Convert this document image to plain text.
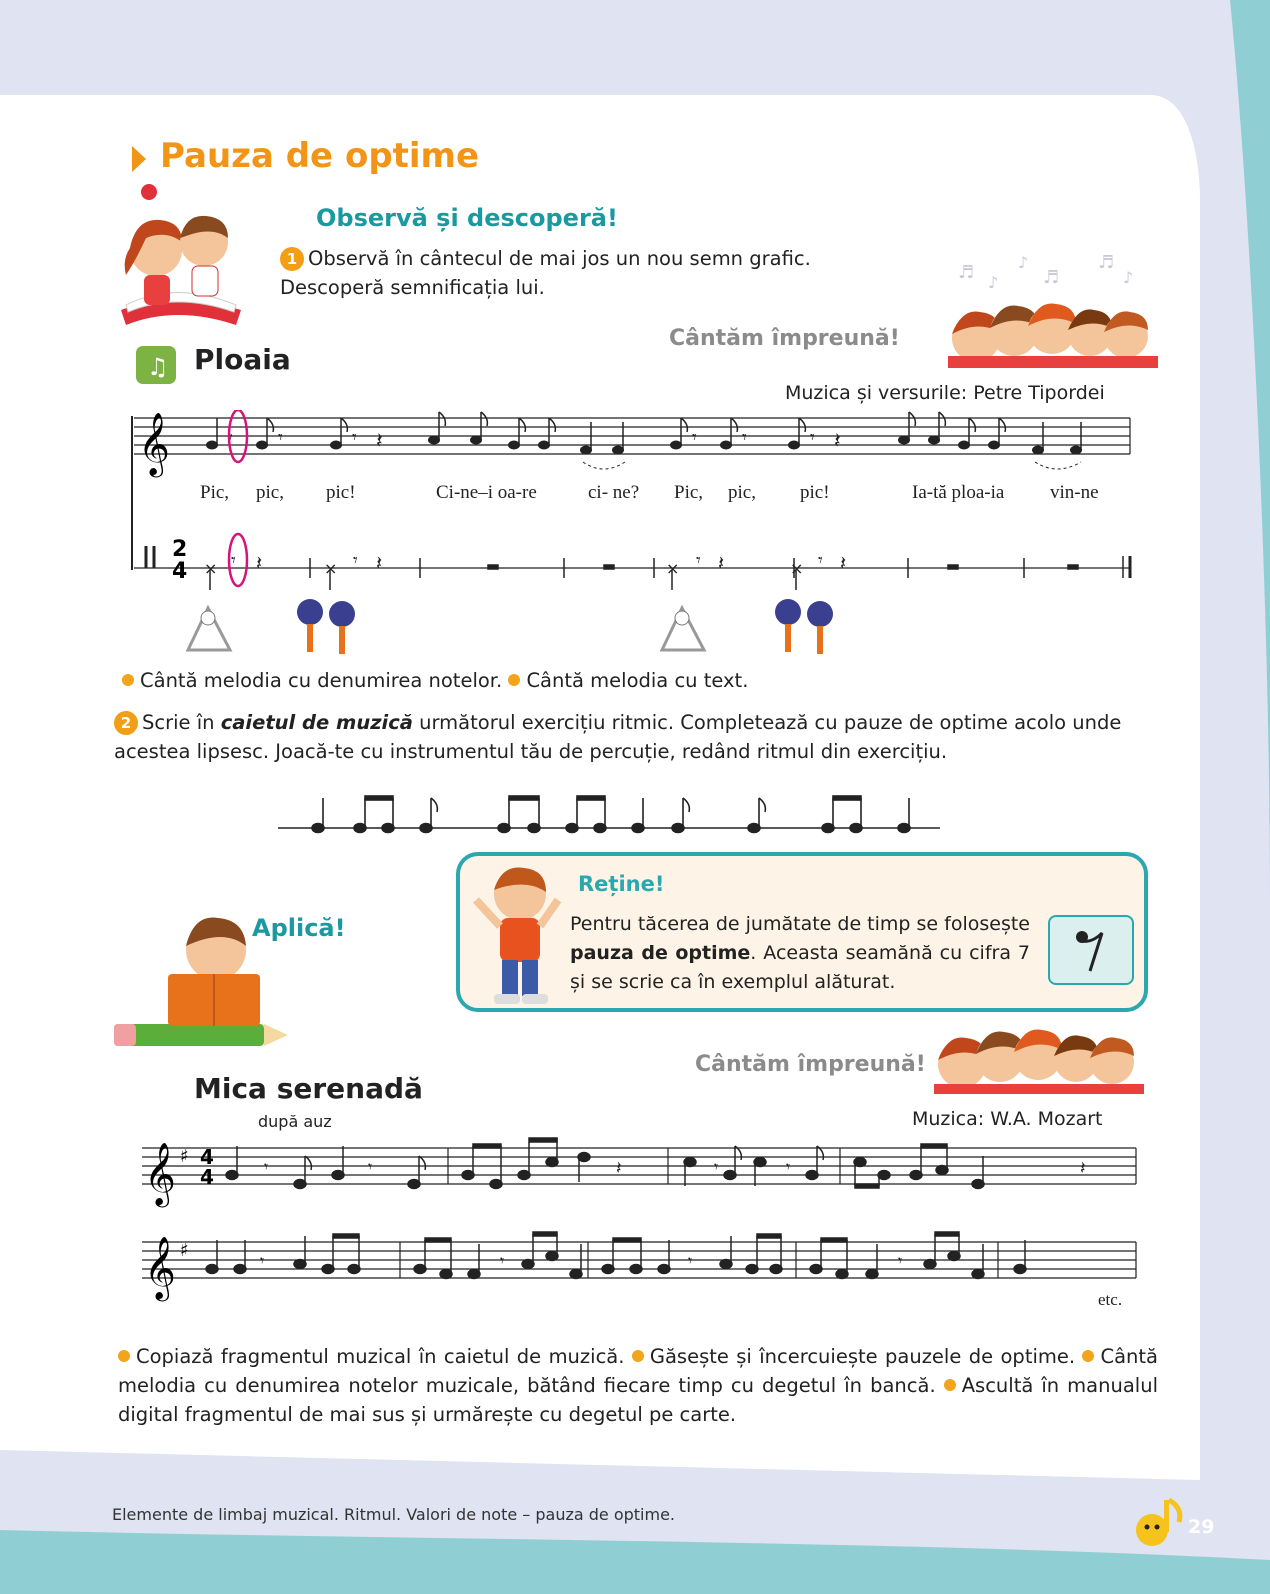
Pauza de optime
Observă și descoperă!
1 Observă în cântecul de mai jos un nou semn grafic.
Descoperă semnificația lui.
♬ ♪
♪
♬
♬
♪
♫ Ploaia
Cântăm împreună!
Muzica și versurile: Petre Tipordei
𝄞	𝄾	𝄾	𝄾 𝄽	𝄾	𝄾	𝄾 𝄽
2
4 × 𝄾 𝄽	× 𝄾 𝄽	× 𝄾 𝄽	× 𝄾 𝄽
Pic, pic, pic!	Ci-ne–i oa-re	ci- ne? Pic, pic, pic!	Ia-tă ploa-ia vin-ne
Cântă melodia cu denumirea notelor. Cântă melodia cu text.
2 Scrie în caietul de muzică următorul exercițiu ritmic. Completează cu pauze de optime acolo unde acestea lipsesc. Joacă-te cu instrumentul tău de percuție, redând ritmul din exercițiu.
Reține!
Pentru tăcerea de jumătate de timp se folosește pauza de optime. Aceasta seamănă cu cifra 7 și se scrie ca în exemplul alăturat.
Aplică!
Cântăm împreună!
Mica serenadă
după auz	Muzica: W.A. Mozart
𝄞 ♯ 4
4
𝄞 ♯
𝄾	𝄾	𝄽	𝄾	𝄾	𝄽
𝄾	𝄾	𝄾	𝄾
etc.
Copiază fragmentul muzical în caietul de muzică. Găsește și încercuiește pauzele de optime. Cântă melodia cu denumirea notelor muzicale, bătând fiecare timp cu degetul în bancă. Ascultă în manualul digital fragmentul de mai sus și urmărește cu degetul pe carte.
Elemente de limbaj muzical. Ritmul. Valori de note – pauza de optime.
29
